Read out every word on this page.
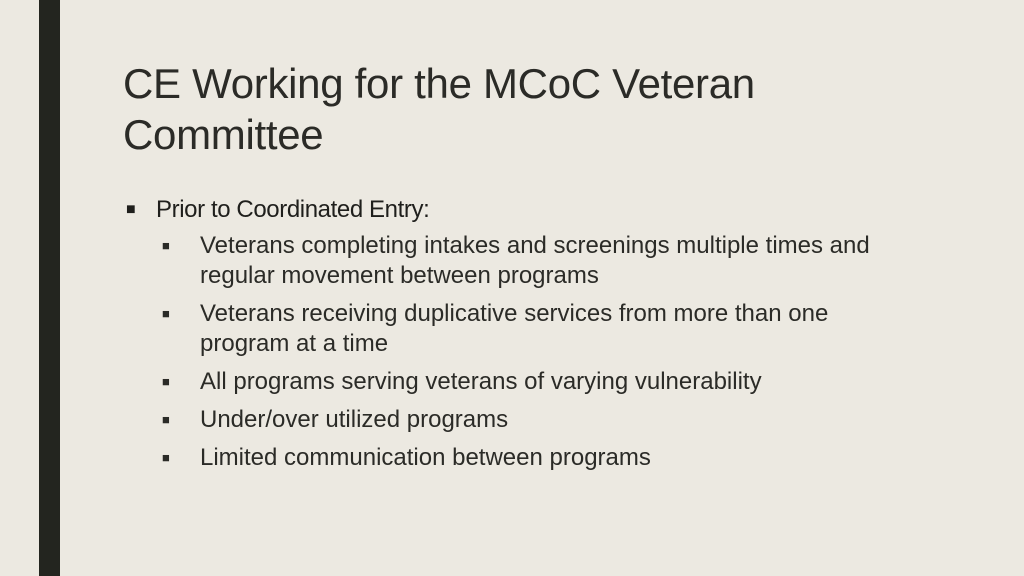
CE Working for the MCoC Veteran Committee
■ Prior to Coordinated Entry:
■	Veterans completing intakes and screenings multiple times and regular movement between programs
■	Veterans receiving duplicative services from more than one program at a time
■	All programs serving veterans of varying vulnerability
■	Under/over utilized programs
■	Limited communication between programs
